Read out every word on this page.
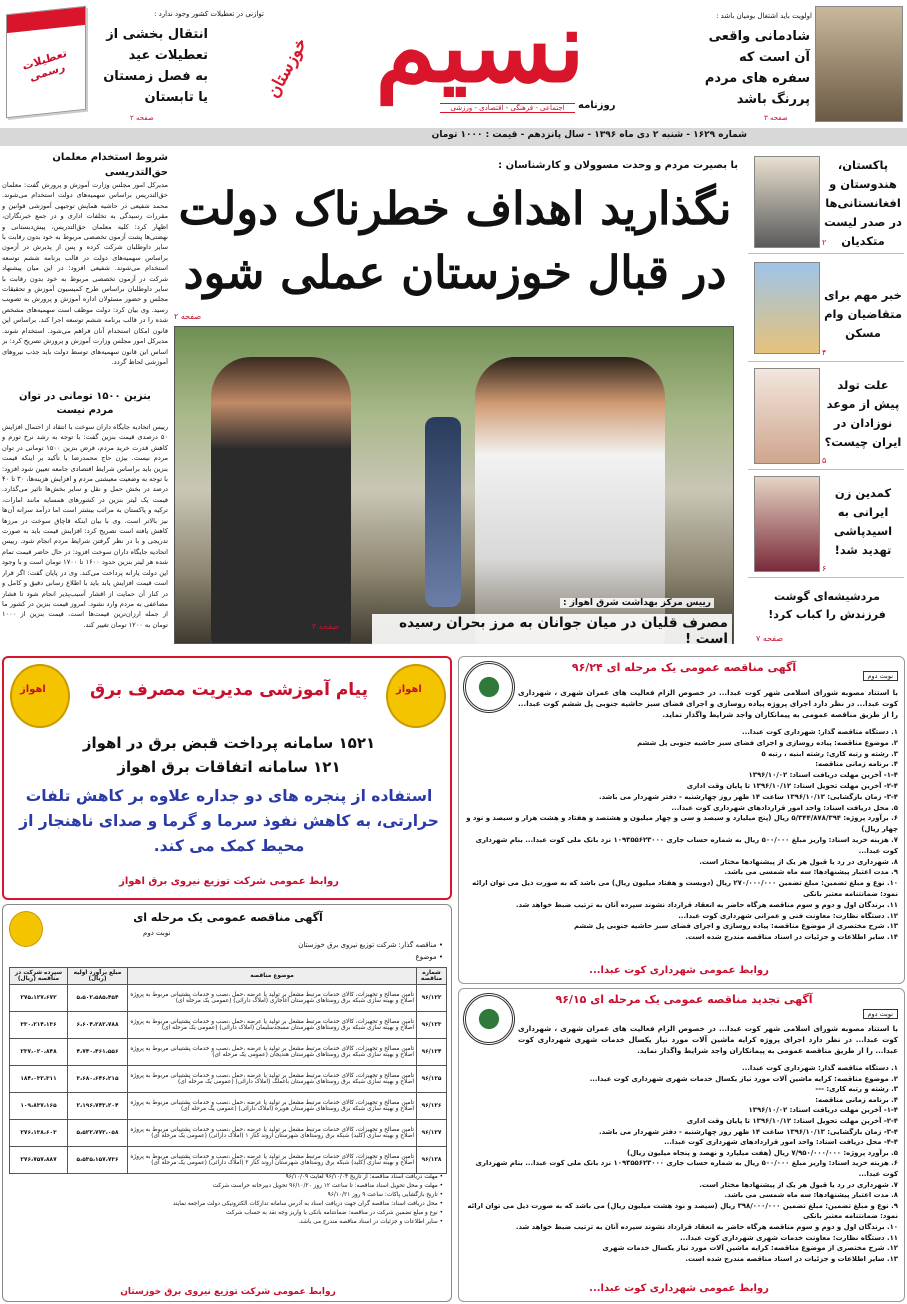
اولویت باید اشتغال بومیان باشد :
شادمانی واقعی
آن است که
سفره های مردم
پررنگ باشد
صفحه ۳
نسیم
خوزستان
روزنامه
اجتماعی - فرهنگی - اقتصادی - ورزشی
توازنی در تعطیلات کشور وجود ندارد :
انتقال بخشی از
تعطیلات عید
به فصل زمستان
یا تابستان
صفحه ۲
تعطیلات رسمی
شماره ۱۶۲۹ - شنبه ۲ دی ماه ۱۳۹۶ - سال پانزدهم - قیمت : ۱۰۰۰ تومان
پاکستان، هندوستان و افغانستانی‌ها در صدر لیست متکدیان
۲
خبر مهم برای متقاضیان وام مسکن
۴
علت تولد پیش از موعد نوزادان در ایران چیست؟
۵
کمدین زن ایرانی به اسیدپاشی تهدید شد!
۶
مردشیشه‌ای گوشت فرزندش را کباب کرد!
صفحه ۷
با بصیرت مردم و وحدت مسوولان و کارشناسان :
نگذارید اهداف خطرناک دولت
در قبال خوزستان عملی شود
صفحه ۲
رییس مرکز بهداشت شرق اهواز :
مصرف قلیان در میان جوانان به مرز بحران رسیده است !
صفحه ۳
شروط استخدام معلمان حق‌التدریسی
مدیرکل امور مجلس وزارت آموزش و پرورش گفت: معلمان حق‌التدریس براساس سهمیه‌های دولت استخدام می‌شوند. محمد شفیعی در حاشیه همایش توجیهی آموزشی قوانین و مقررات رسیدگی به تخلفات اداری و در جمع خبرنگاران، اظهار کرد: کلیه معلمان حق‌التدریس، پیش‌دبستانی و نهضتی‌ها پشت آزمون تخصصی مربوط به خود بدون رقابت با سایر داوطلبان شرکت کرده و پس از پذیرش در آزمون براساس سهمیه‌های دولت در قالب برنامه ششم توسعه استخدام می‌شوند. شفیعی افزود: در این میان پیشنهاد شرکت در آزمون تخصصی مربوط به خود بدون رقابت با سایر داوطلبان براساس طرح کمیسیون آموزش و تحقیقات مجلس و حضور مسئولان اداره آموزش و پرورش به تصویب رسید. وی بیان کرد: دولت موظف است سهمیه‌های مشخص شده را در قالب برنامه ششم توسعه اجرا کند. براساس این قانون امکان استخدام آنان فراهم می‌شود. استخدام شوند. مدیرکل امور مجلس وزارت آموزش و پرورش تصریح کرد: بر اساس این قانون سهمیه‌های توسط دولت باید جذب نیروهای آموزشی لحاظ گردد.
بنزین ۱۵۰۰ تومانی در توان مردم نیست
رییس اتحادیه جایگاه داران سوخت با انتقاد از احتمال افزایش ۵۰ درصدی قیمت بنزین گفت: با توجه به رشد نرخ تورم و کاهش قدرت خرید مردم، فرض بنزین ۱۵۰۰ تومانی در توان مردم نیست. بیژن حاج محمدرضا با تأکید بر اینکه قیمت بنزین باید براساس شرایط اقتصادی جامعه تعیین شود افزود: با توجه به وضعیت معیشتی مردم و افزایش هزینه‌ها، ۳۰ تا ۴۰ درصد در بخش حمل و نقل و سایر بخش‌ها تاثیر می‌گذارد. قیمت یک لیتر بنزین در کشورهای همسایه مانند امارات، ترکیه و پاکستان به مراتب بیشتر است اما درآمد سرانه آن‌ها نیز بالاتر است. وی با بیان اینکه قاچاق سوخت در مرزها کاهش یافته است تصریح کرد: افزایش قیمت باید به صورت تدریجی و با در نظر گرفتن شرایط مردم انجام شود. رییس اتحادیه جایگاه داران سوخت افزود: در حال حاضر قیمت تمام شده هر لیتر بنزین حدود ۱۶۰۰ تا ۱۷۰۰ تومان است و با وجود این دولت یارانه پرداخت می‌کند. وی در پایان گفت: اگر قرار است قیمت افزایش یابد باید با اطلاع رسانی دقیق و کامل و در کنار آن حمایت از اقشار آسیب‌پذیر انجام شود تا فشار مضاعفی به مردم وارد نشود. امروز قیمت بنزین در کشور ما از جمله ارزان‌ترین قیمت‌ها است. قیمت بنزین از ۱۰۰۰ تومان به ۱۲۰۰ تومان تغییر کند.
اهواز	اهواز
پیام آموزشی مدیریت مصرف برق
۱۵۲۱ سامانه پرداخت قبض برق در اهواز
۱۲۱ سامانه اتفاقات برق اهواز
استفاده از پنجره های دو جداره علاوه بر کاهش تلفات حرارتی، به کاهش نفوذ سرما و گرما و صدای ناهنجار از محیط کمک می کند.
روابط عمومی شرکت توزیع نیروی برق اهواز
آگهی مناقصه عمومی یک مرحله ای
نوبت دوم
• مناقصه گذار: شرکت توزیع نیروی برق خوزستان
• موضوع
شماره مناقصه	موضوع مناقصه	مبلغ برآورد اولیه (ریال)	سپرده شرکت در مناقصه (ریال)
۹۶/۱۲۲	تامین مصالح و تجهیزات، کالای خدمات مرتبط مشغل بر تولید یا عرضه ،حمل ،نصب و خدمات پشتیبانی مربوط به پروژه اصلاح و بهینه سازی شبکه برق روستاهای شهرستان آغاجاری (املاک دارائی) (عمومی یک مرحله ای)	۵،۵۰۲،۵۸۵،۴۵۴	۲۷۵،۱۲۷،۶۷۲
۹۶/۱۲۳	تامین مصالح و تجهیزات، کالای خدمات مرتبط مشغل بر تولید یا عرضه ،حمل ،نصب و خدمات پشتیبانی مربوط به پروژه اصلاح و بهینه سازی شبکه برق روستاهای شهرستان مسجدسلیمان (املاک دارائی) (عمومی یک مرحله ای)	۶،۶۰۴،۲۸۲،۷۸۸	۳۳۰،۲۱۴،۱۳۶
۹۶/۱۲۴	تامین مصالح و تجهیزات، کالای خدمات مرتبط مشغل بر تولید یا عرضه ،حمل ،نصب و خدمات پشتیبانی مربوط به پروژه اصلاح و بهینه سازی شبکه برق روستاهای شهرستان هندیجان (عمومی یک مرحله ای)	۴،۷۴۰،۴۶۱،۵۵۶	۲۳۷،۰۲۰،۸۴۸
۹۶/۱۲۵	تامین مصالح و تجهیزات، کالای خدمات مرتبط مشغل بر تولید یا عرضه ،حمل ،نصب و خدمات پشتیبانی مربوط به پروژه اصلاح و بهینه سازی شبکه برق روستاهای شهرستان باغملک (املاک دارائی) (عمومی یک مرحله ای)	۳،۶۸۰،۶۴۶،۲۱۵	۱۸۴،۰۳۲،۳۱۱
۹۶/۱۲۶	تامین مصالح و تجهیزات، کالای خدمات مرتبط مشغل بر تولید یا عرضه ،حمل ،نصب و خدمات پشتیبانی مربوط به پروژه اصلاح و بهینه سازی شبکه برق روستاهای شهرستان هویزه (املاک دارائی) (عمومی یک مرحله ای)	۲،۱۹۶،۷۴۳،۲۰۴	۱۰۹،۸۳۷،۱۶۵
۹۶/۱۲۷	تامین مصالح و تجهیزات، کالای خدمات مرتبط مشغل بر تولید یا عرضه ،حمل ،نصب و خدمات پشتیبانی مربوط به پروژه اصلاح و بهینه سازی (کلید) شبکه برق روستاهای شهرستان اروند کنار ۱ (املاک دارائی) (عمومی یک مرحله ای)	۵،۵۲۲،۷۷۲،۰۵۸	۲۷۶،۱۳۸،۶۰۳
۹۶/۱۲۸	تامین مصالح و تجهیزات، کالای خدمات مرتبط مشغل بر تولید یا عرضه ،حمل ،نصب و خدمات پشتیبانی مربوط به پروژه اصلاح و بهینه سازی (کلید) شبکه برق روستاهای شهرستان اروند کنار ۲ (املاک دارائی) (عمومی یک مرحله ای)	۵،۵۳۵،۱۵۷،۷۳۶	۲۷۶،۷۵۷،۸۸۷
• مهلت دریافت اسناد مناقصه: از تاریخ ۹۶/۱۰/۰۴ لغایت ۹۶/۱۰/۰۹
• مهلت و محل تحویل اسناد مناقصه: تا ساعت ۱۲ روز ۹۶/۱۰/۲۰ تحویل دبیرخانه حراست شرکت
• تاریخ بازگشایی پاکات: ساعت ۹ روز ۹۶/۱۰/۲۱
• محل دریافت اسناد: مناقصه گران جهت دریافت اسناد به آدرس سامانه تدارکات الکترونیکی دولت مراجعه نمایند
• نوع و مبلغ تضمین شرکت در مناقصه: ضمانتنامه بانکی یا واریز وجه نقد به حساب شرکت
• سایر اطلاعات و جزئیات در اسناد مناقصه مندرج می باشد.
روابط عمومی شرکت توزیع نیروی برق خوزستان
آگهی مناقصه عمومی یک مرحله ای ۹۶/۲۴
نوبت دوم
با استناد مصوبه شورای اسلامی شهر کوت عبدا... در خصوص الزام فعالیت های عمران شهری ، شهرداری کوت عبدا... در نظر دارد اجرای پروژه پیاده روسازی و اجرای فضای سبز حاشیه جنوبی پل ششم کوت عبدا... را از طریق مناقصه عمومی به پیمانکاران واجد شرایط واگذار نماید.
۱. دستگاه مناقصه گذار: شهرداری کوت عبدا...
۲. موضوع مناقصه: پیاده روسازی و اجرای فضای سبز حاشیه جنوبی پل ششم
۳. رشته و رتبه کاری: رشته ابنیه ، رتبه ۵
۴. برنامه زمانی مناقصه:
۱-۴- آخرین مهلت دریافت اسناد: ۱۳۹۶/۱۰/۰۲
۲-۴- آخرین مهلت تحویل اسناد: ۱۳۹۶/۱۰/۱۲ تا پایان وقت اداری
۳-۴- زمان بازگشایی: ۱۳۹۶/۱۰/۱۳ ساعت ۱۴ ظهر روز چهارشنبه - دفتر شهردار می باشد.
۵. محل دریافت اسناد: واحد امور قراردادهای شهرداری کوت عبدا...
۶. برآورد پروژه: ۵/۳۴۴/۸۷۸/۳۹۴ ریال (پنج میلیارد و سیصد و سی و چهار میلیون و هشتصد و هفتاد و هشت هزار و سیصد و نود و چهار ریال)
۷. هزینه خرید اسناد: واریز مبلغ ۵۰۰/۰۰۰ ریال به شماره حساب جاری ۱۰۹۳۵۵۶۲۳۰۰۰ نزد بانک ملی کوت عبدا... بنام شهرداری کوت عبدا...
۸. شهرداری در رد یا قبول هر یک از پیشنهادها مختار است.
۹. مدت اعتبار پیشنهادها: سه ماه شمسی می باشد.
۱۰. نوع و مبلغ تضمین: مبلغ تضمین ۲۷۰/۰۰۰/۰۰۰ ریال (دویست و هفتاد میلیون ریال) می باشد که به صورت ذیل می توان ارائه نمود: ضمانتنامه معتبر بانکی
۱۱. برندگان اول و دوم و سوم مناقصه هرگاه حاضر به انعقاد قرارداد نشوند سپرده آنان به ترتیب ضبط خواهد شد.
۱۲. دستگاه نظارت: معاونت فنی و عمرانی شهرداری کوت عبدا...
۱۳. شرح مختصری از موضوع مناقصه: پیاده روسازی و اجرای فضای سبز حاشیه جنوبی پل ششم
۱۴. سایر اطلاعات و جزئیات در اسناد مناقصه مندرج شده است.
روابط عمومی شهرداری کوت عبدا...
آگهی تجدید مناقصه عمومی یک مرحله ای ۹۶/۱۵
نوبت دوم
با استناد مصوبه شورای اسلامی شهر کوت عبدا... در خصوص الزام فعالیت های عمران شهری ، شهرداری کوت عبدا... در نظر دارد اجرای پروژه کرایه ماشین آلات مورد نیاز یکسال خدمات شهری شهرداری کوت عبدا... را از طریق مناقصه عمومی به پیمانکاران واجد شرایط واگذار نماید.
۱. دستگاه مناقصه گذار: شهرداری کوت عبدا...
۲. موضوع مناقصه: کرایه ماشین آلات مورد نیاز یکسال خدمات شهری شهرداری کوت عبدا...
۳. رشته و رتبه کاری: ---
۴. برنامه زمانی مناقصه:
۱-۴- آخرین مهلت دریافت اسناد: ۱۳۹۶/۱۰/۰۲
۲-۴- آخرین مهلت تحویل اسناد: ۱۳۹۶/۱۰/۱۲ تا پایان وقت اداری
۳-۴- زمان بازگشایی: ۱۳۹۶/۱۰/۱۳ ساعت ۱۴ ظهر روز چهارشنبه - دفتر شهردار می باشد.
۴-۴- محل دریافت اسناد: واحد امور قراردادهای شهرداری کوت عبدا...
۵. برآورد پروژه: ۷/۹۵۰/۰۰۰/۰۰۰ ریال (هفت میلیارد و نهصد و پنجاه میلیون ریال)
۶. هزینه خرید اسناد: واریز مبلغ ۵۰۰/۰۰۰ ریال به شماره حساب جاری ۱۰۹۳۵۵۶۲۳۰۰۰ نزد بانک ملی کوت عبدا... بنام شهرداری کوت عبدا...
۷. شهرداری در رد یا قبول هر یک از پیشنهادها مختار است.
۸. مدت اعتبار پیشنهادها: سه ماه شمسی می باشد.
۹. نوع و مبلغ تضمین: مبلغ تضمین ۳۹۸/۰۰۰/۰۰۰ ریال (سیصد و نود هشت میلیون ریال) می باشد که به صورت ذیل می توان ارائه نمود: ضمانتنامه معتبر بانکی
۱۰. برندگان اول و دوم و سوم مناقصه هرگاه حاضر به انعقاد قرارداد نشوند سپرده آنان به ترتیب ضبط خواهد شد.
۱۱. دستگاه نظارت: معاونت خدمات شهری شهرداری کوت عبدا...
۱۲. شرح مختصری از موضوع مناقصه: کرایه ماشین آلات مورد نیاز یکسال خدمات شهری
۱۳. سایر اطلاعات و جزئیات در اسناد مناقصه مندرج شده است.
روابط عمومی شهرداری کوت عبدا...
